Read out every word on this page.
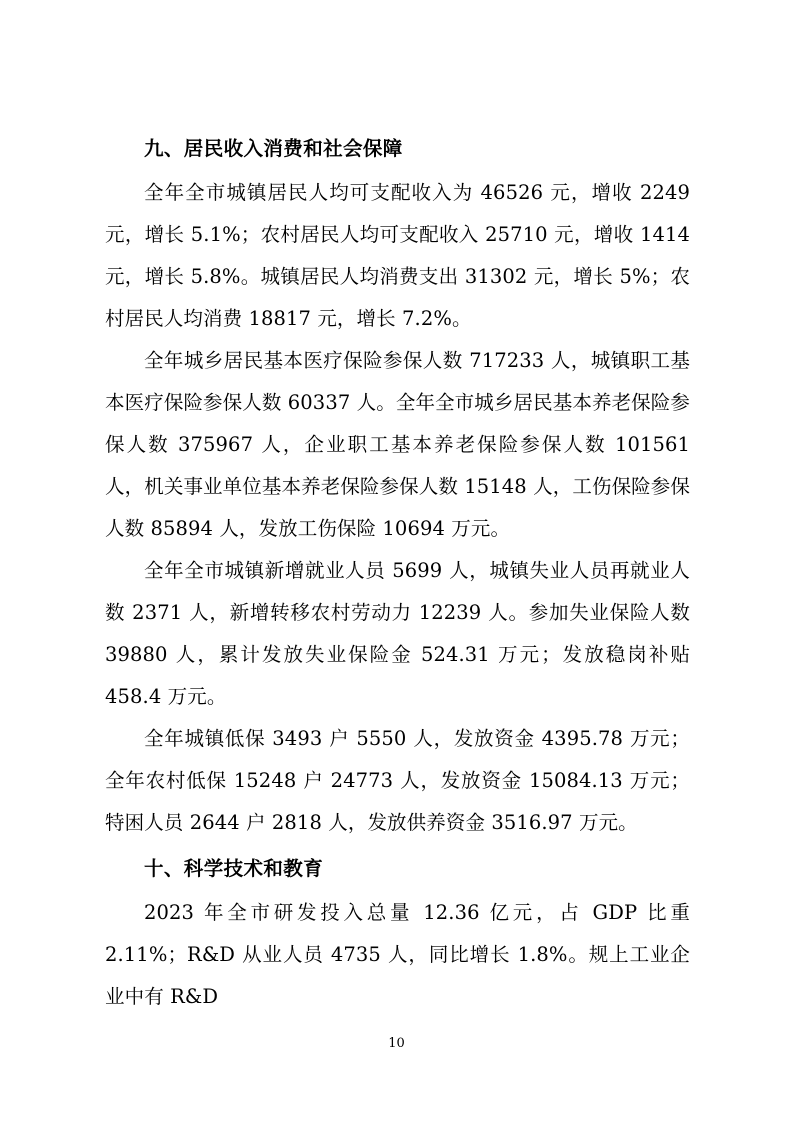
九、居民收入消费和社会保障

全年全市城镇居民人均可支配收入为 46526 元，增收 2249 元，增长 5.1%；农村居民人均可支配收入 25710 元，增收 1414 元，增长 5.8%。城镇居民人均消费支出 31302 元，增长 5%；农村居民人均消费 18817 元，增长 7.2%。

全年城乡居民基本医疗保险参保人数 717233 人，城镇职工基本医疗保险参保人数 60337 人。全年全市城乡居民基本养老保险参保人数 375967 人，企业职工基本养老保险参保人数 101561 人，机关事业单位基本养老保险参保人数 15148 人，工伤保险参保人数 85894 人，发放工伤保险 10694 万元。

全年全市城镇新增就业人员 5699 人，城镇失业人员再就业人数 2371 人，新增转移农村劳动力 12239 人。参加失业保险人数 39880 人，累计发放失业保险金 524.31 万元；发放稳岗补贴 458.4 万元。

全年城镇低保 3493 户 5550 人，发放资金 4395.78 万元；全年农村低保 15248 户 24773 人，发放资金 15084.13 万元；特困人员 2644 户 2818 人，发放供养资金 3516.97 万元。

十、科学技术和教育

2023 年全市研发投入总量 12.36 亿元，占 GDP 比重 2.11%；R&D 从业人员 4735 人，同比增长 1.8%。规上工业企业中有 R&D

10
